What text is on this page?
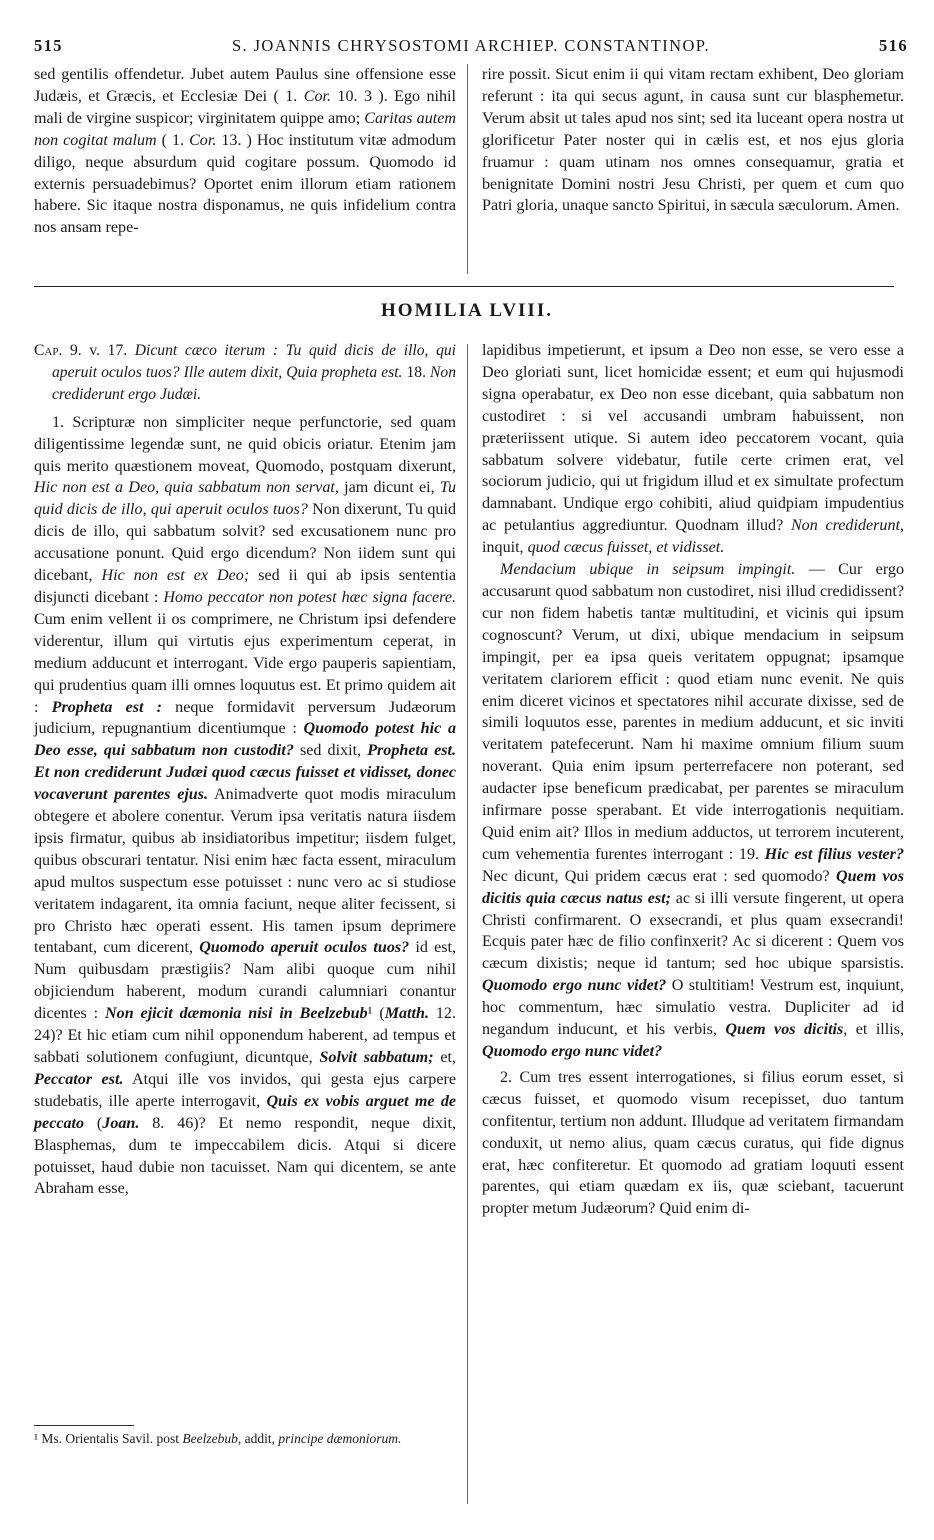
515	S. JOANNIS CHRYSOSTOMI ARCHIEP. CONSTANTINOP.	516

sed gentilis offendetur. Jubet autem Paulus sine offensione esse Judæis, et Græcis, et Ecclesiæ Dei ( 1. Cor. 10. 3 ). Ego nihil mali de virgine suspicor; virginitatem quippe amo; Caritas autem non cogitat malum ( 1. Cor. 13. ) Hoc institutum vitæ admodum diligo, neque absurdum quid cogitare possum. Quomodo id externis persuadebimus? Oportet enim illorum etiam rationem habere. Sic itaque nostra disponamus, ne quis infidelium contra nos ansam repe-

rire possit. Sicut enim ii qui vitam rectam exhibent, Deo gloriam referunt : ita qui secus agunt, in causa sunt cur blasphemetur. Verum absit ut tales apud nos sint; sed ita luceant opera nostra ut glorificetur Pater noster qui in cælis est, et nos ejus gloria fruamur : quam utinam nos omnes consequamur, gratia et benignitate Domini nostri Jesu Christi, per quem et cum quo Patri gloria, unaque sancto Spiritui, in sæcula sæculorum. Amen.

HOMILIA LVIII.

Cap. 9. v. 17. Dicunt cæco iterum : Tu quid dicis de illo, qui aperuit oculos tuos? Ille autem dixit, Quia propheta est. 18. Non crediderunt ergo Judæi.

1. Scripturæ non simpliciter neque perfunctorie, sed quam diligentissime legendæ sunt, ne quid obicis oriatur. Etenim jam quis merito quæstionem moveat, Quomodo, postquam dixerunt, Hic non est a Deo, quia sabbatum non servat, jam dicunt ei, Tu quid dicis de illo, qui aperuit oculos tuos? Non dixerunt, Tu quid dicis de illo, qui sabbatum solvit? sed excusationem nunc pro accusatione ponunt. Quid ergo dicendum? Non iidem sunt qui dicebant, Hic non est ex Deo; sed ii qui ab ipsis sententia disjuncti dicebant : Homo peccator non potest hæc signa facere. Cum enim vellent ii os comprimere, ne Christum ipsi defendere viderentur, illum qui virtutis ejus experimentum ceperat, in medium adducunt et interrogant. Vide ergo pauperis sapientiam, qui prudentius quam illi omnes loquutus est. Et primo quidem ait : Propheta est : neque formidavit perversum Judæorum judicium, repugnantium dicentiumque : Quomodo potest hic a Deo esse, qui sabbatum non custodit? sed dixit, Propheta est. Et non crediderunt Judæi quod cæcus fuisset et vidisset, donec vocaverunt parentes ejus. Animadverte quot modis miraculum obtegere et abolere conentur. Verum ipsa veritatis natura iisdem ipsis firmatur, quibus ab insidiatoribus impetitur; iisdem fulget, quibus obscurari tentatur. Nisi enim hæc facta essent, miraculum apud multos suspectum esse potuisset : nunc vero ac si studiose veritatem indagarent, ita omnia faciunt, neque aliter fecissent, si pro Christo hæc operati essent. His tamen ipsum deprimere tentabant, cum dicerent, Quomodo aperuit oculos tuos? id est, Num quibusdam præstigiis? Nam alibi quoque cum nihil objiciendum haberent, modum curandi calumniari conantur dicentes : Non ejicit dæmonia nisi in Beelzebub¹ (Matth. 12. 24)? Et hic etiam cum nihil opponendum haberent, ad tempus et sabbati solutionem confugiunt, dicuntque, Solvit sabbatum; et, Peccator est. Atqui ille vos invidos, qui gesta ejus carpere studebatis, ille aperte interrogavit, Quis ex vobis arguet me de peccato (Joan. 8. 46)? Et nemo respondit, neque dixit, Blasphemas, dum te impeccabilem dicis. Atqui si dicere potuisset, haud dubie non tacuisset. Nam qui dicentem, se ante Abraham esse,

lapidibus impetierunt, et ipsum a Deo non esse, se vero esse a Deo gloriati sunt, licet homicidæ essent; et eum qui hujusmodi signa operabatur, ex Deo non esse dicebant, quia sabbatum non custodiret : si vel accusandi umbram habuissent, non præteriissent utique. Si autem ideo peccatorem vocant, quia sabbatum solvere videbatur, futile certe crimen erat, vel sociorum judicio, qui ut frigidum illud et ex simultate profectum damnabant. Undique ergo cohibiti, aliud quidpiam impudentius ac petulantius aggrediuntur. Quodnam illud? Non crediderunt, inquit, quod cæcus fuisset, et vidisset.

Mendacium ubique in seipsum impingit. — Cur ergo accusarunt quod sabbatum non custodiret, nisi illud credidissent? cur non fidem habetis tantæ multitudini, et vicinis qui ipsum cognoscunt? Verum, ut dixi, ubique mendacium in seipsum impingit, per ea ipsa queis veritatem oppugnat; ipsamque veritatem clariorem efficit : quod etiam nunc evenit. Ne quis enim diceret vicinos et spectatores nihil accurate dixisse, sed de simili loquutos esse, parentes in medium adducunt, et sic inviti veritatem patefecerunt. Nam hi maxime omnium filium suum noverant. Quia enim ipsum perterrefacere non poterant, sed audacter ipse beneficum prædicabat, per parentes se miraculum infirmare posse sperabant. Et vide interrogationis nequitiam. Quid enim ait? Illos in medium adductos, ut terrorem incuterent, cum vehementia furentes interrogant : 19. Hic est filius vester? Nec dicunt, Qui pridem cæcus erat : sed quomodo? Quem vos dicitis quia cæcus natus est; ac si illi versute fingerent, ut opera Christi confirmarent. O exsecrandi, et plus quam exsecrandi! Ecquis pater hæc de filio confinxerit? Ac si dicerent : Quem vos cæcum dixistis; neque id tantum; sed hoc ubique sparsistis. Quomodo ergo nunc videt? O stultitiam! Vestrum est, inquiunt, hoc commentum, hæc simulatio vestra. Dupliciter ad id negandum inducunt, et his verbis, Quem vos dicitis, et illis, Quomodo ergo nunc videt?

2. Cum tres essent interrogationes, si filius eorum esset, si cæcus fuisset, et quomodo visum recepisset, duo tantum confitentur, tertium non addunt. Illudque ad veritatem firmandam conduxit, ut nemo alius, quam cæcus curatus, qui fide dignus erat, hæc confiteretur. Et quomodo ad gratiam loquuti essent parentes, qui etiam quædam ex iis, quæ sciebant, tacuerunt propter metum Judæorum? Quid enim di-

¹ Ms. Orientalis Savil. post Beelzebub, addit, principe dæmoniorum.
